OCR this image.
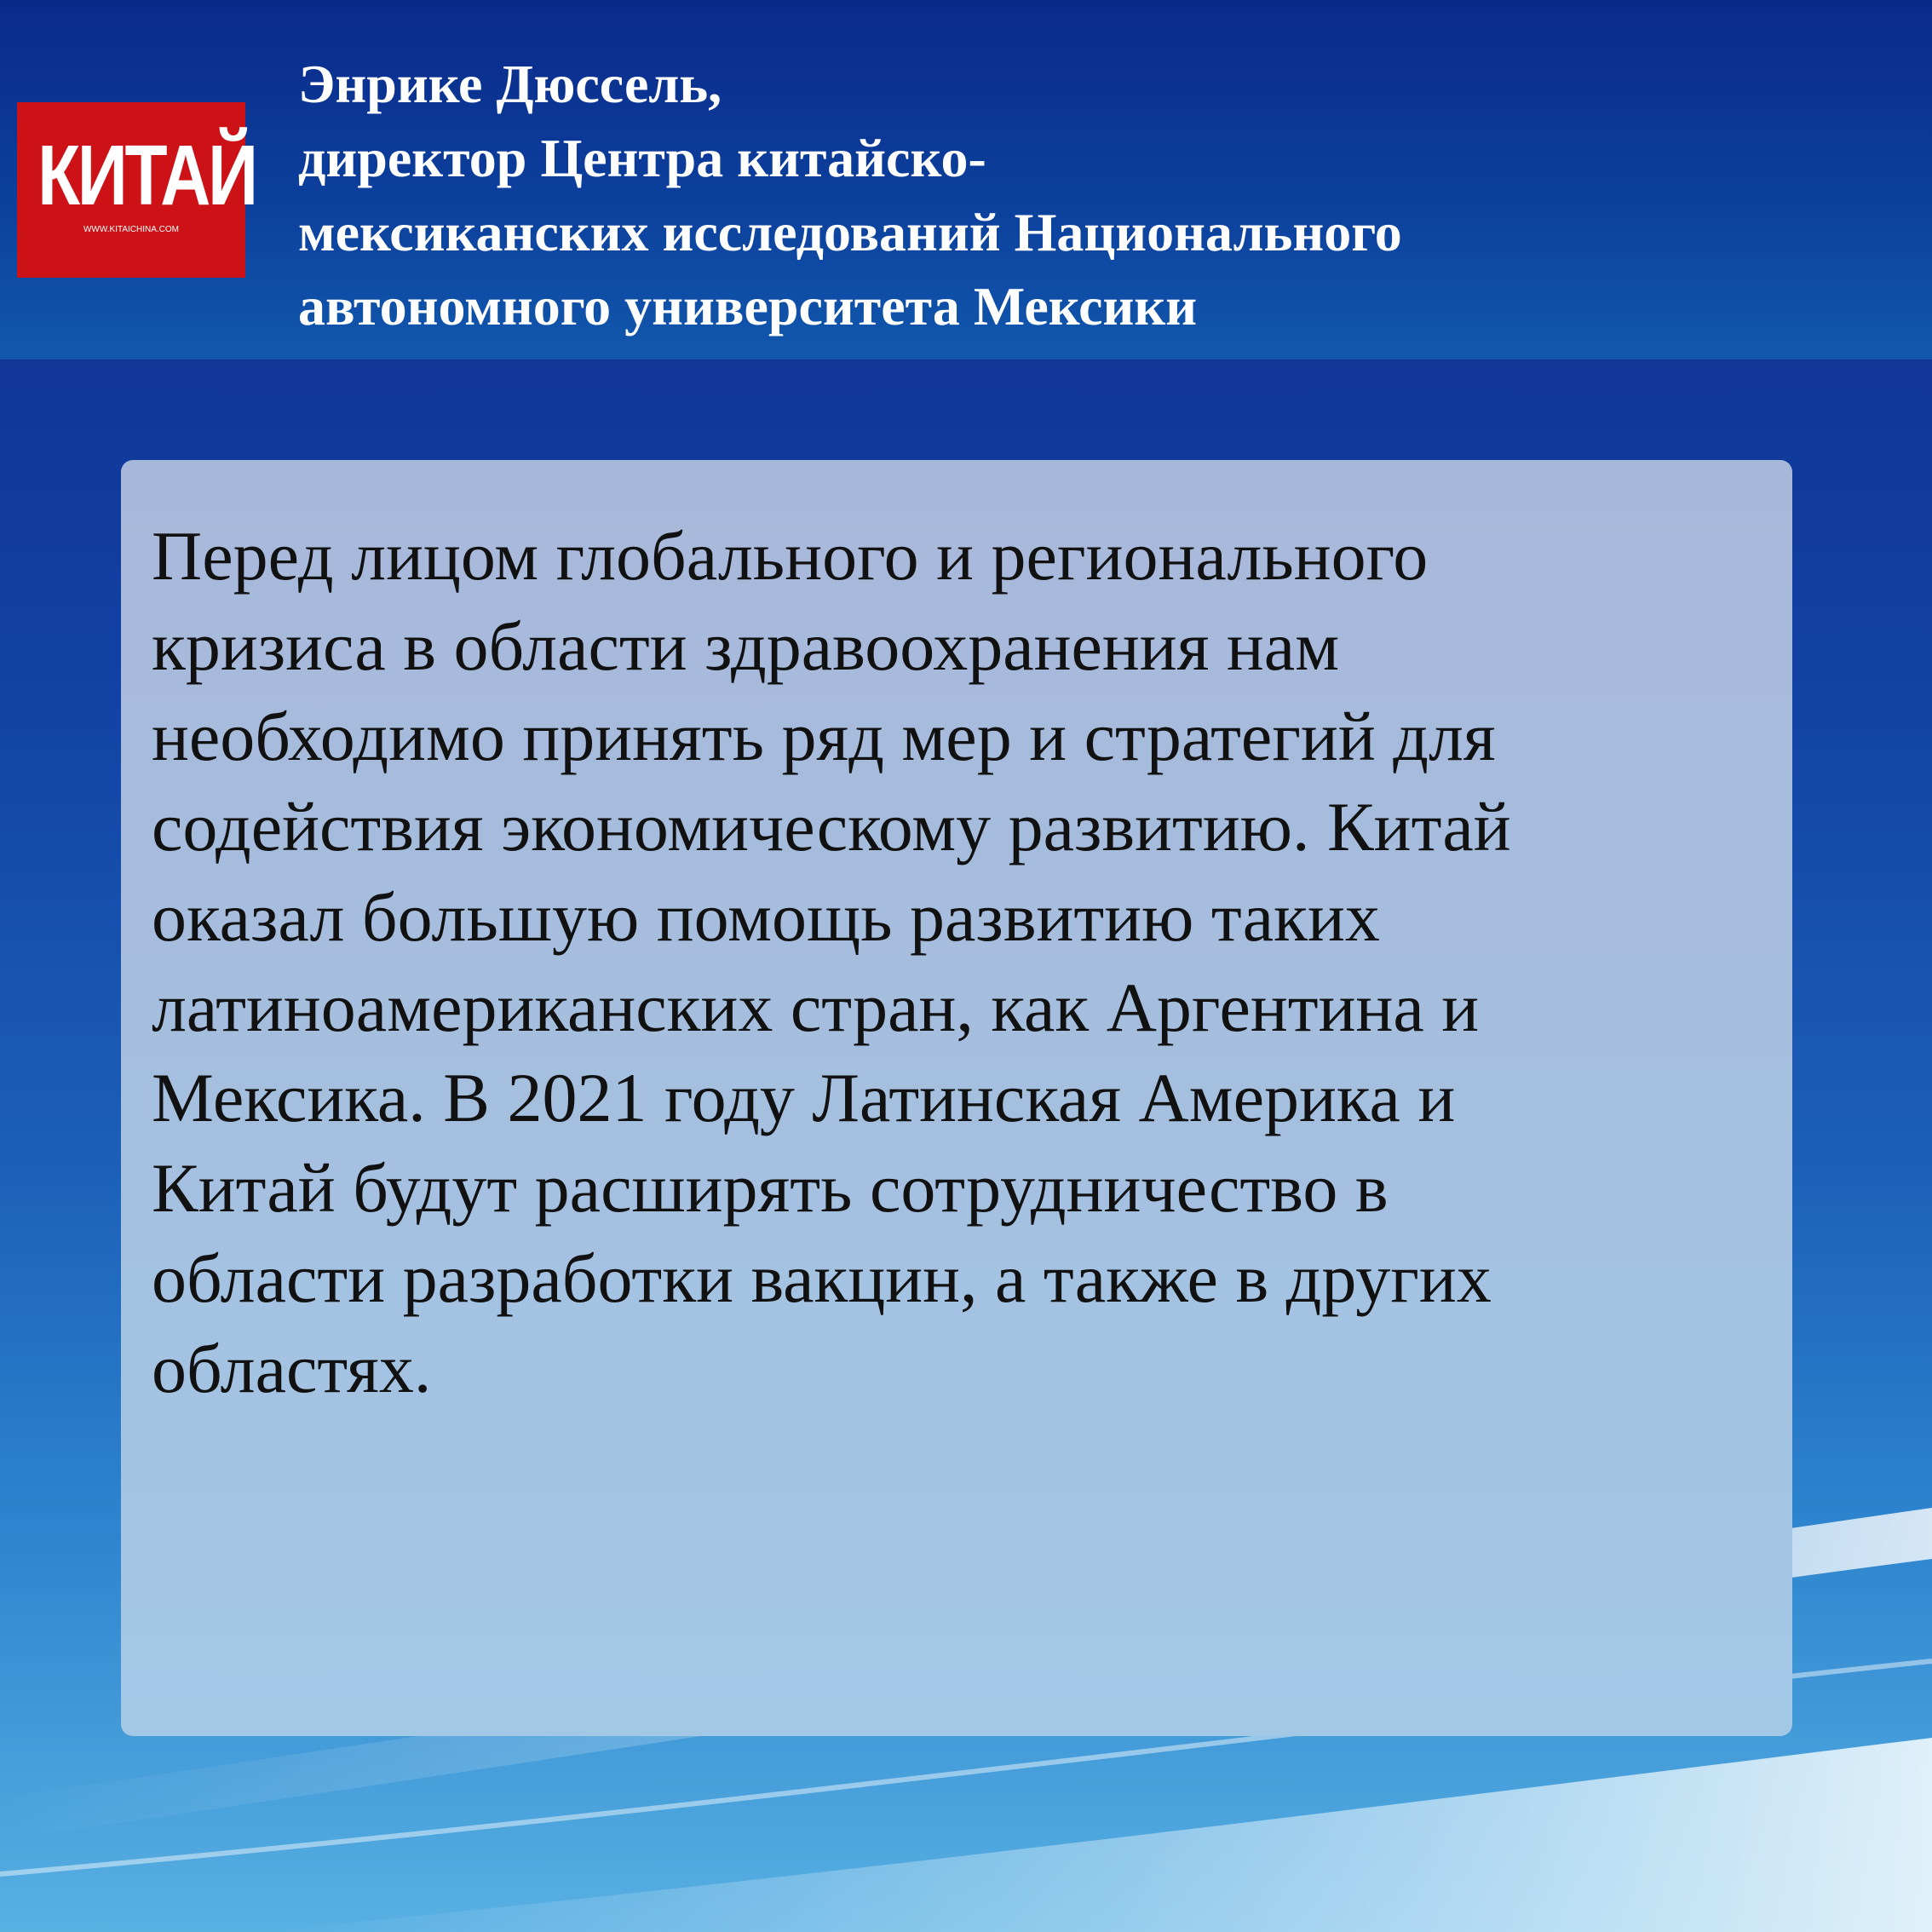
КИТАЙ
WWW.KITAICHINA.COM
Энрике Дюссель,
директор Центра китайско-
мексиканских исследований Национального
автономного университета Мексики
Перед лицом глобального и регионального
кризиса в области здравоохранения нам
необходимо принять ряд мер и стратегий для
содействия экономическому развитию. Китай
оказал большую помощь развитию таких
латиноамериканских стран, как Аргентина и
Мексика. В 2021 году Латинская Америка и
Китай будут расширять сотрудничество в
области разработки вакцин, а также в других
областях.
